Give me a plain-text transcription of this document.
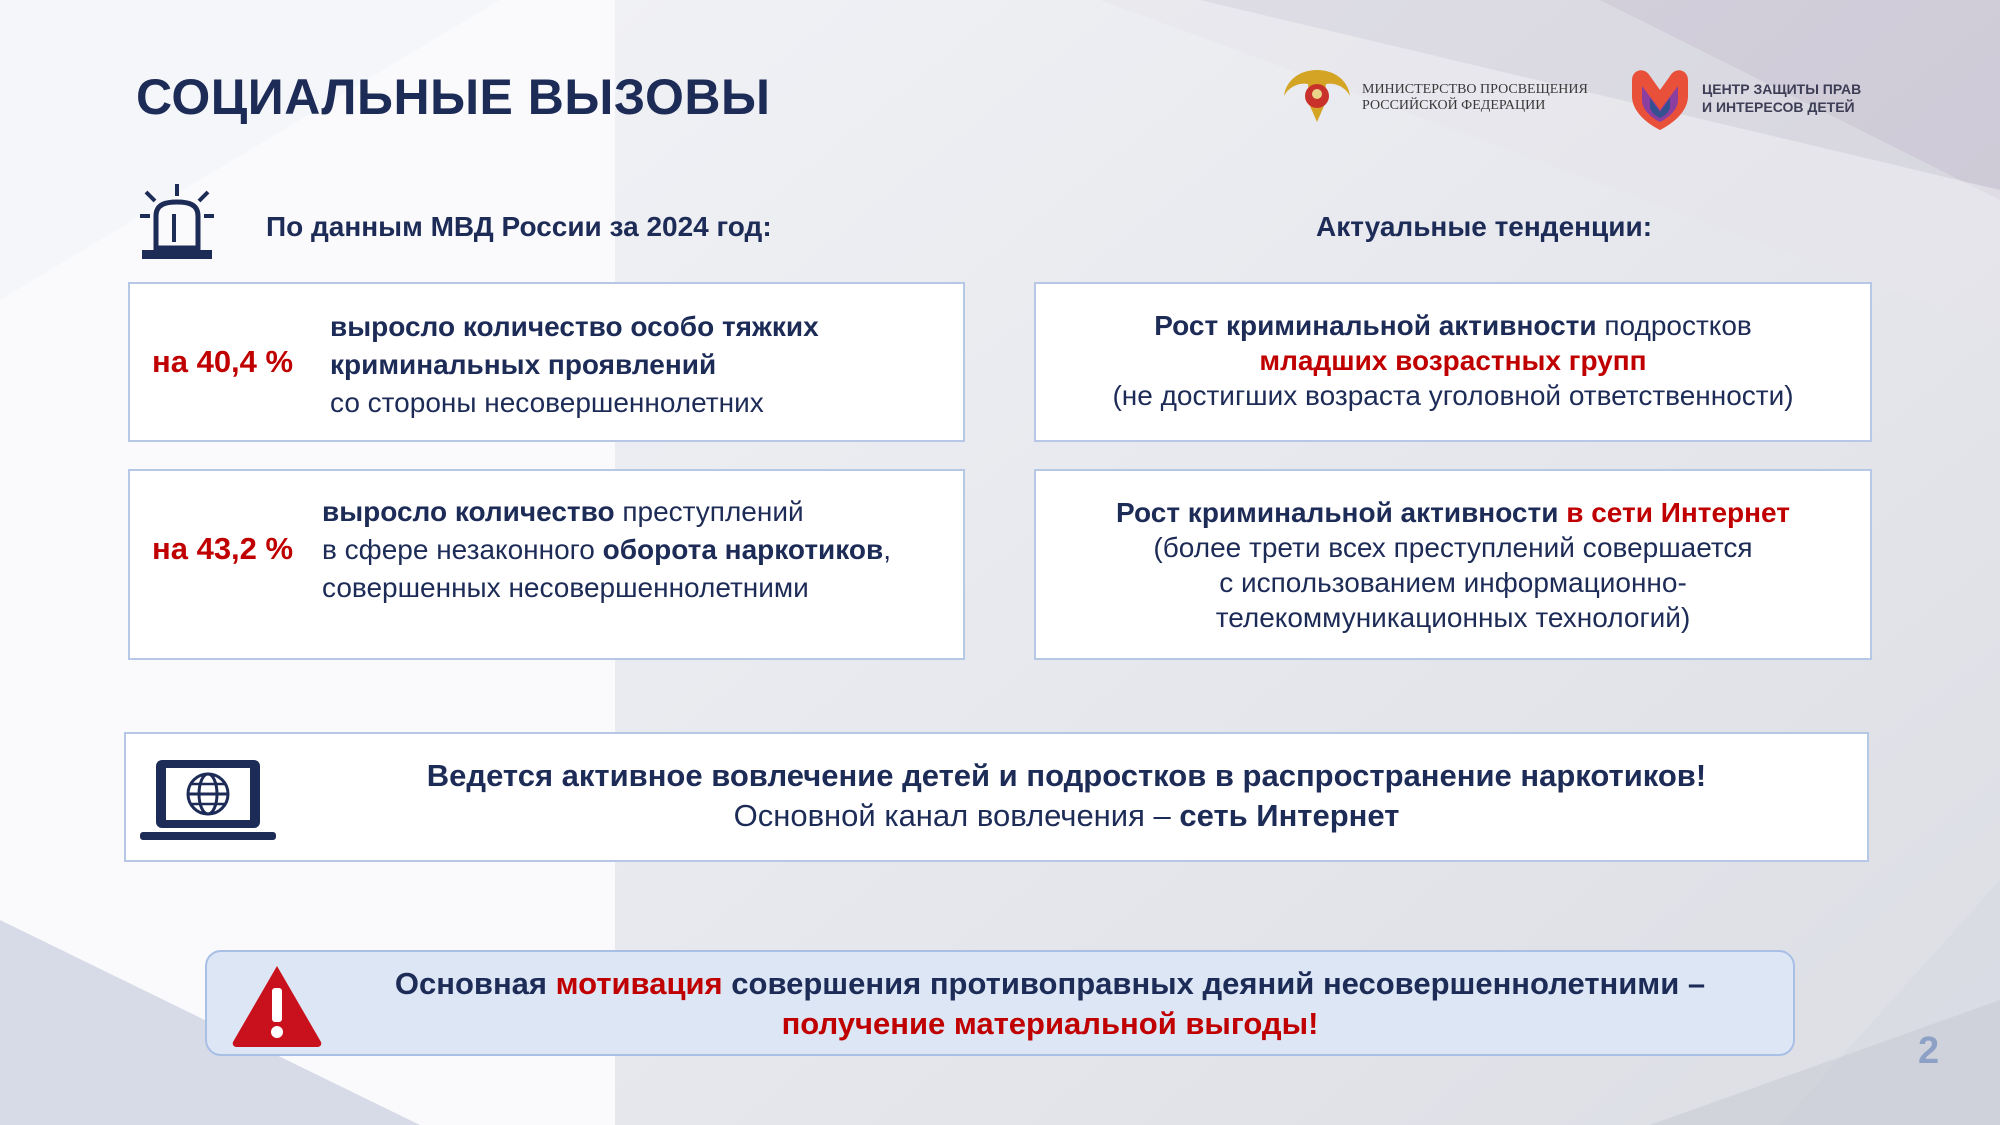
СОЦИАЛЬНЫЕ ВЫЗОВЫ	МИНИСТЕРСТВО ПРОСВЕЩЕНИЯ
РОССИЙСКОЙ ФЕДЕРАЦИИ
ЦЕНТР ЗАЩИТЫ ПРАВ
И ИНТЕРЕСОВ ДЕТЕЙ
По данным МВД России за 2024 год:	Актуальные тенденции:
на 40,4 %
выросло количество особо тяжких
криминальных проявлений
со стороны несовершеннолетних
на 43,2 %
выросло количество преступлений
в сфере незаконного оборота наркотиков,
совершенных несовершеннолетними
Рост криминальной активности подростков
младших возрастных групп
(не достигших возраста уголовной ответственности)
Рост криминальной активности в сети Интернет
(более трети всех преступлений совершается
с использованием информационно-
телекоммуникационных технологий)
Ведется активное вовлечение детей и подростков в распространение наркотиков!
Основной канал вовлечения – сеть Интернет
Основная мотивация совершения противоправных деяний несовершеннолетними –
получение материальной выгоды!
2
